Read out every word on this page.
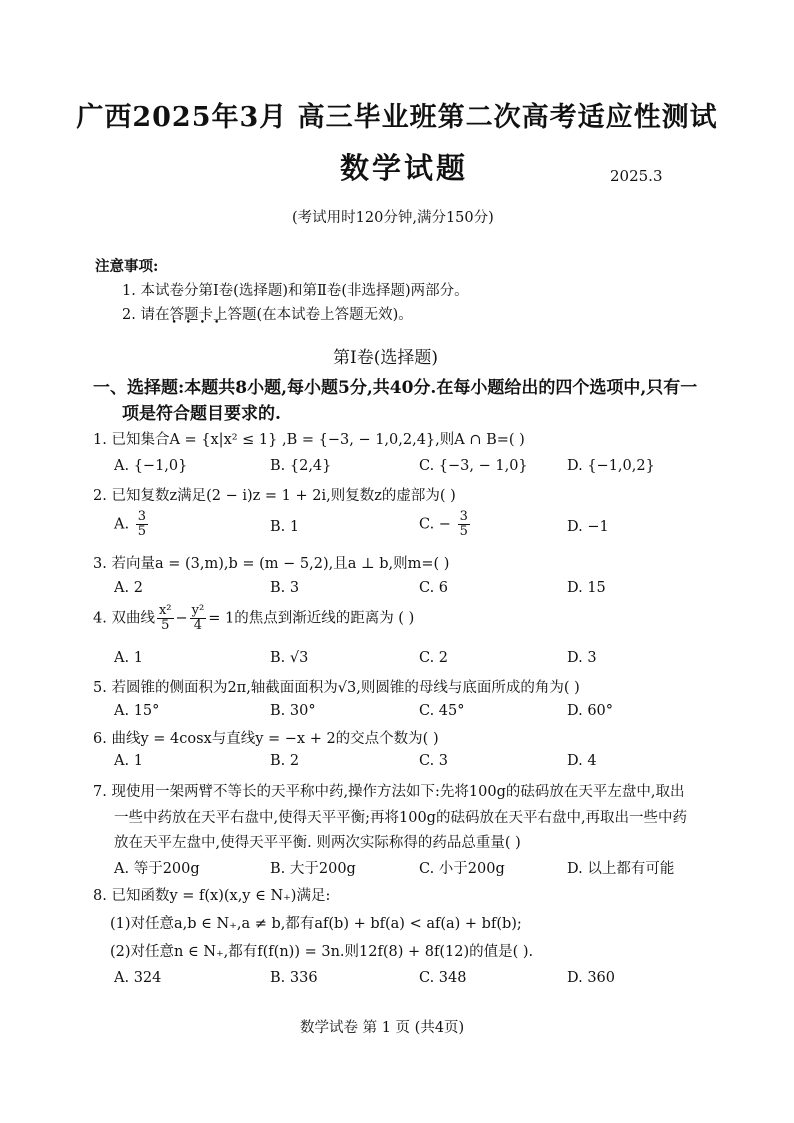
广西2025年3月 高三毕业班第二次高考适应性测试
数学试题	2025.3
(考试用时120分钟,满分150分)
注意事项:
1. 本试卷分第Ⅰ卷(选择题)和第Ⅱ卷(非选择题)两部分。
2. 请在答题卡上 • • • •答题(在本试卷上答题无效)。
第Ⅰ卷(选择题)
一、选择题:本题共8小题,每小题5分,共40分.在每小题给出的四个选项中,只有一
项是符合题目要求的.
1. 已知集合A = {x|x² ≤ 1} ,B = {−3, − 1,0,2,4},则A ∩ B=( )
A. {−1,0}	B. {2,4}	C. {−3, − 1,0}	D. {−1,0,2}
2. 已知复数z满足(2 − i)z = 1 + 2i,则复数z的虚部为( )
A. $\frac{3}{5}$	B. 1	C. − $\frac{3}{5}$	D. −1
3. 若向量a = (3,m),b = (m − 5,2),且a ⊥ b,则m=( )
A. 2	B. 3	C. 6	D. 15
4. 双曲线 $\frac{\text{x²}}{5} - \frac{\text{y²}}{4} = 1$的焦点到渐近线的距离为 ( )
A. 1	B. √3	C. 2	D. 3
5. 若圆锥的侧面积为2π,轴截面面积为√3,则圆锥的母线与底面所成的角为( )
A. 15°	B. 30°	C. 45°	D. 60°
6. 曲线y = 4cosx与直线y = −x + 2的交点个数为( )
A. 1	B. 2	C. 3	D. 4
7. 现使用一架两臂不等长的天平称中药,操作方法如下:先将100g的砝码放在天平左盘中,取出
一些中药放在天平右盘中,使得天平平衡;再将100g的砝码放在天平右盘中,再取出一些中药
放在天平左盘中,使得天平平衡. 则两次实际称得的药品总重量( )
A. 等于200g	B. 大于200g	C. 小于200g	D. 以上都有可能
8. 已知函数y = f(x)(x,y ∈ N₊)满足:
(1)对任意a,b ∈ N₊,a ≠ b,都有af(b) + bf(a) < af(a) + bf(b);
(2)对任意n ∈ N₊,都有f(f(n)) = 3n.则12f(8) + 8f(12)的值是( ).
A. 324	B. 336	C. 348	D. 360
数学试卷 第 1 页 (共4页)
